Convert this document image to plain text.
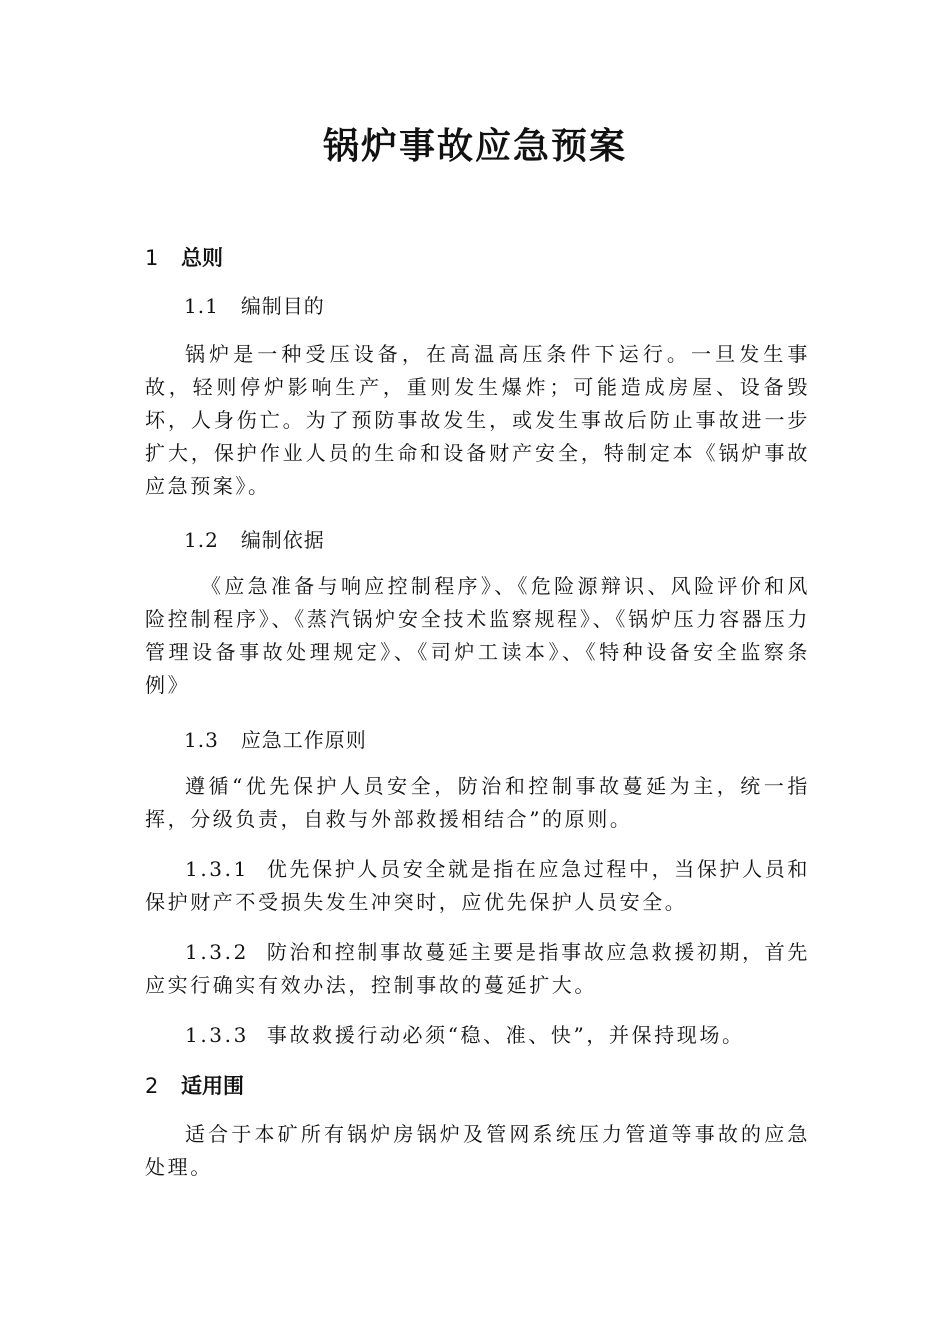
锅炉事故应急预案
1 总则
1.1 编制目的
锅炉是一种受压设备，在高温高压条件下运行。一旦发生事故，轻则停炉影响生产，重则发生爆炸；可能造成房屋、设备毁坏，人身伤亡。为了预防事故发生，或发生事故后防止事故进一步扩大，保护作业人员的生命和设备财产安全，特制定本《锅炉事故应急预案》。
1.2 编制依据
《应急准备与响应控制程序》、《危险源辩识、风险评价和风险控制程序》、《蒸汽锅炉安全技术监察规程》、《锅炉压力容器压力管理设备事故处理规定》、《司炉工读本》、《特种设备安全监察条例》
1.3 应急工作原则
遵循“优先保护人员安全，防治和控制事故蔓延为主，统一指挥，分级负责，自救与外部救援相结合”的原则。
1.3.1 优先保护人员安全就是指在应急过程中，当保护人员和保护财产不受损失发生冲突时，应优先保护人员安全。
1.3.2 防治和控制事故蔓延主要是指事故应急救援初期，首先应实行确实有效办法，控制事故的蔓延扩大。
1.3.3 事故救援行动必须“稳、准、快”，并保持现场。
2 适用围
适合于本矿所有锅炉房锅炉及管网系统压力管道等事故的应急处理。
